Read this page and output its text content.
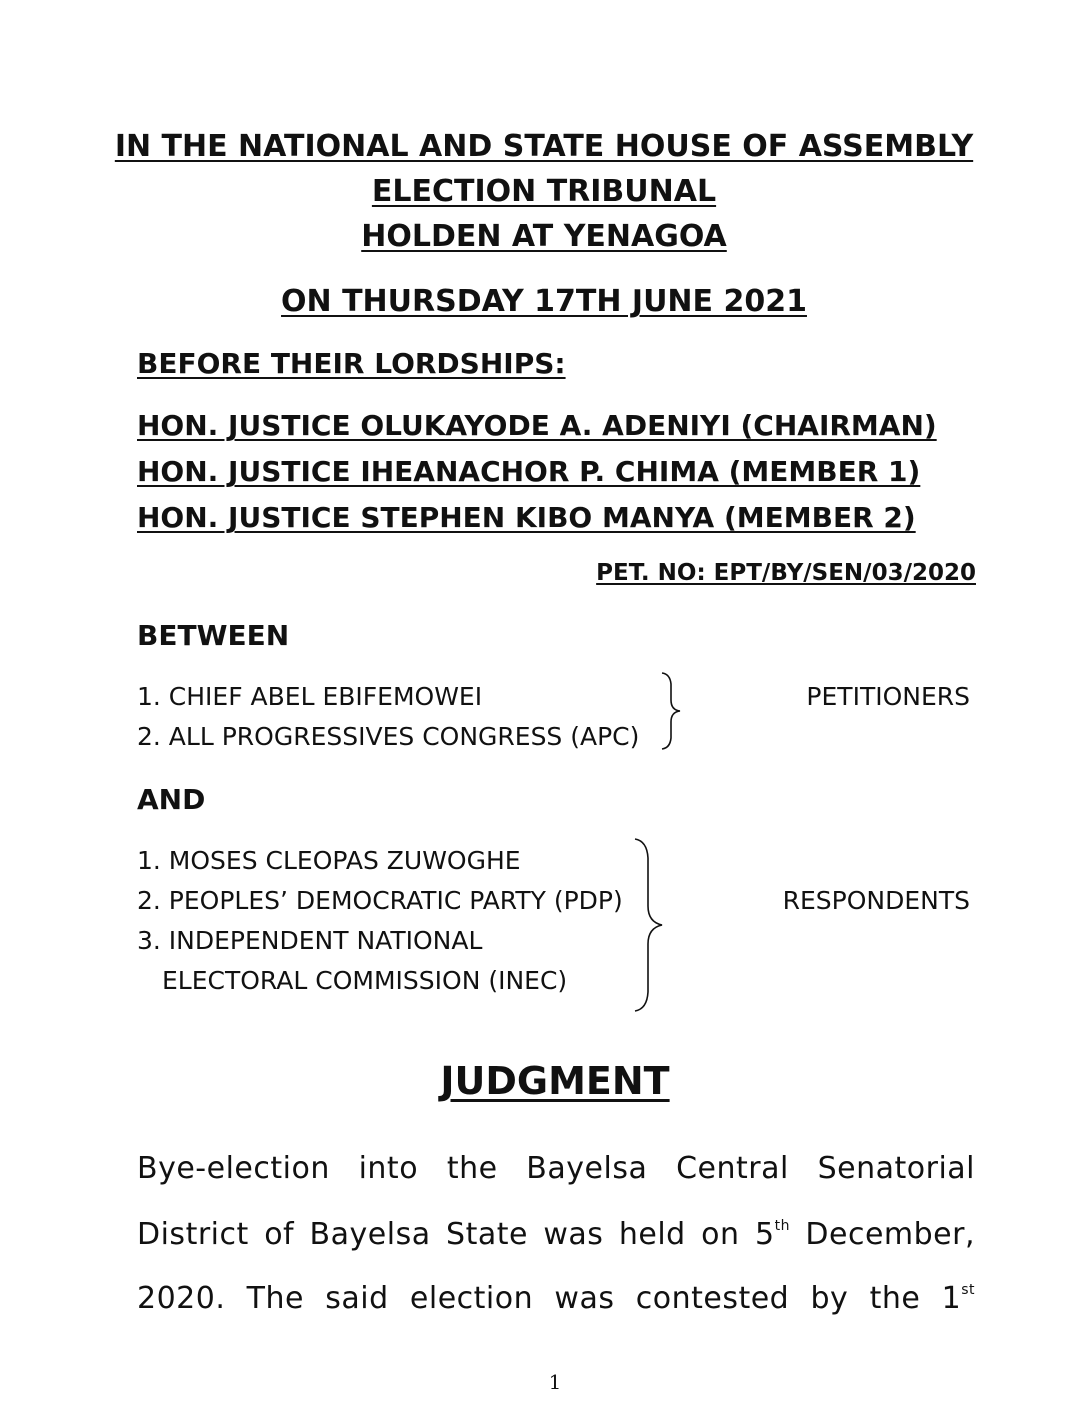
IN THE NATIONAL AND STATE HOUSE OF ASSEMBLY
ELECTION TRIBUNAL
HOLDEN AT YENAGOA
ON THURSDAY 17TH JUNE 2021
BEFORE THEIR LORDSHIPS:
HON. JUSTICE OLUKAYODE A. ADENIYI (CHAIRMAN)
HON. JUSTICE IHEANACHOR P. CHIMA (MEMBER 1)
HON. JUSTICE STEPHEN KIBO MANYA (MEMBER 2)
PET. NO: EPT/BY/SEN/03/2020
BETWEEN
1. CHIEF ABEL EBIFEMOWEI
2. ALL PROGRESSIVES CONGRESS (APC)
PETITIONERS
AND
1. MOSES CLEOPAS ZUWOGHE
2. PEOPLES’ DEMOCRATIC PARTY (PDP)
3. INDEPENDENT NATIONAL
ELECTORAL COMMISSION (INEC)
RESPONDENTS
JUDGMENT
Bye-election into the Bayelsa Central Senatorial
District of Bayelsa State was held on 5th December,
2020. The said election was contested by the 1st
1
